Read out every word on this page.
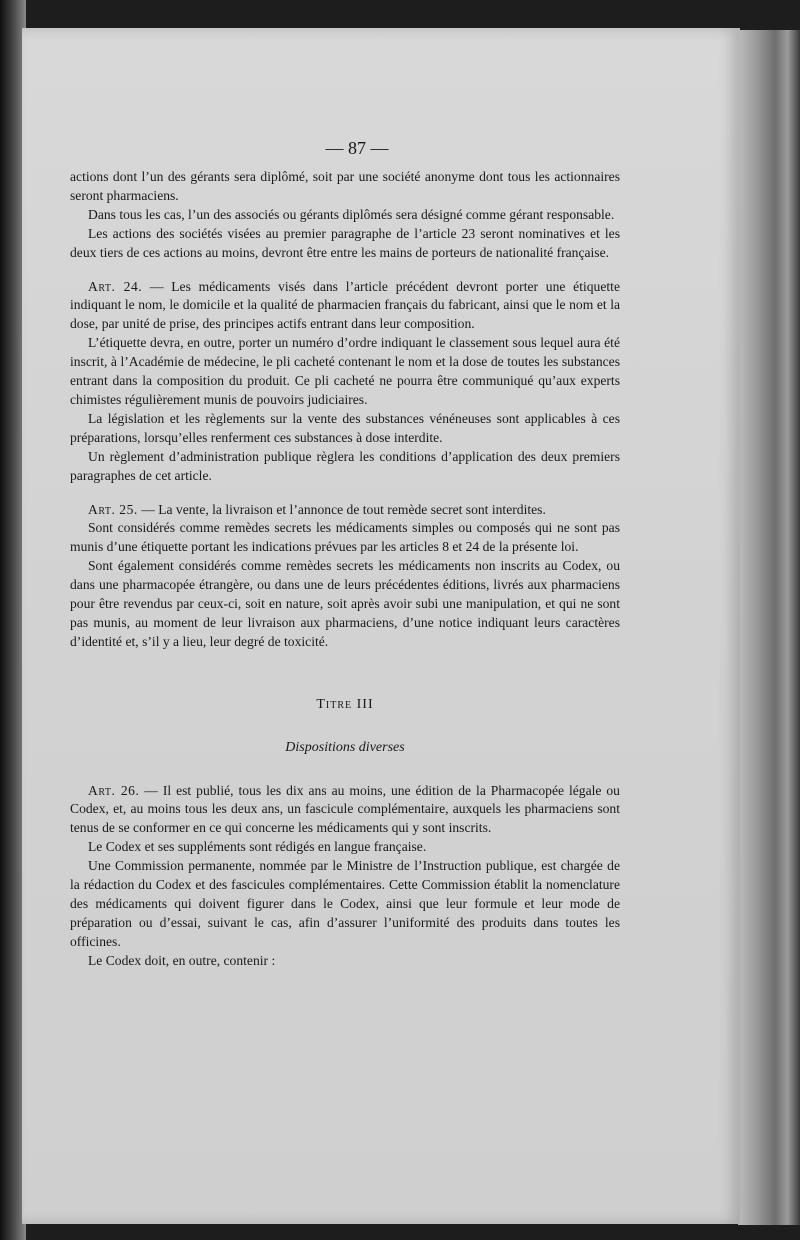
— 87 —

actions dont l’un des gérants sera diplômé, soit par une société anonyme dont tous les actionnaires seront pharmaciens.

Dans tous les cas, l’un des associés ou gérants diplômés sera désigné comme gérant responsable.

Les actions des sociétés visées au premier paragraphe de l’article 23 seront nominatives et les deux tiers de ces actions au moins, devront être entre les mains de porteurs de nationalité française.

Art. 24. — Les médicaments visés dans l’article précédent devront porter une étiquette indiquant le nom, le domicile et la qualité de pharmacien français du fabricant, ainsi que le nom et la dose, par unité de prise, des principes actifs entrant dans leur composition.

L’étiquette devra, en outre, porter un numéro d’ordre indiquant le classement sous lequel aura été inscrit, à l’Académie de médecine, le pli cacheté contenant le nom et la dose de toutes les substances entrant dans la composition du produit. Ce pli cacheté ne pourra être communiqué qu’aux experts chimistes régulièrement munis de pouvoirs judiciaires.

La législation et les règlements sur la vente des substances vénéneuses sont applicables à ces préparations, lorsqu’elles renferment ces substances à dose interdite.

Un règlement d’administration publique règlera les conditions d’application des deux premiers paragraphes de cet article.

Art. 25. — La vente, la livraison et l’annonce de tout remède secret sont interdites.

Sont considérés comme remèdes secrets les médicaments simples ou composés qui ne sont pas munis d’une étiquette portant les indications prévues par les articles 8 et 24 de la présente loi.

Sont également considérés comme remèdes secrets les médicaments non inscrits au Codex, ou dans une pharmacopée étrangère, ou dans une de leurs précédentes éditions, livrés aux pharmaciens pour être revendus par ceux-ci, soit en nature, soit après avoir subi une manipulation, et qui ne sont pas munis, au moment de leur livraison aux pharmaciens, d’une notice indiquant leurs caractères d’identité et, s’il y a lieu, leur degré de toxicité.

Titre III

Dispositions diverses

Art. 26. — Il est publié, tous les dix ans au moins, une édition de la Pharmacopée légale ou Codex, et, au moins tous les deux ans, un fascicule complémentaire, auxquels les pharmaciens sont tenus de se conformer en ce qui concerne les médicaments qui y sont inscrits.

Le Codex et ses suppléments sont rédigés en langue française.

Une Commission permanente, nommée par le Ministre de l’Instruction publique, est chargée de la rédaction du Codex et des fascicules complémentaires. Cette Commission établit la nomenclature des médicaments qui doivent figurer dans le Codex, ainsi que leur formule et leur mode de préparation ou d’essai, suivant le cas, afin d’assurer l’uniformité des produits dans toutes les officines.

Le Codex doit, en outre, contenir :
